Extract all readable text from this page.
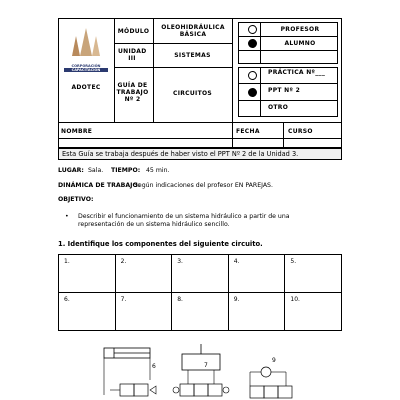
CORPORACIÓN
CAPACITACIÓN
ADOTEC
MÓDULO
OLEOHIDRÁULICA BÁSICA
UNIDAD III	SISTEMAS
GUÍA DE TRABAJO Nº 2
CIRCUITOS
PROFESOR
ALUMNO
PRÁCTICA Nº___
PPT Nº 2
OTRO
NOMBRE	FECHA	CURSO
Esta Guía se trabaja después de haber visto el PPT Nº 2 de la Unidad 3.
LUGAR: Sala. TIEMPO: 45 min.
DINÁMICA DE TRABAJO:
Según indicaciones del profesor EN PAREJAS.
OBJETIVO:
• Describir el funcionamiento de un sistema hidráulico a partir de una representación de un sistema hidráulico sencillo.
1. Identifique los componentes del siguiente circuito.
1.	2.	3.	4.	5.
6.	7.	8.	9.	10.
6	7
9
